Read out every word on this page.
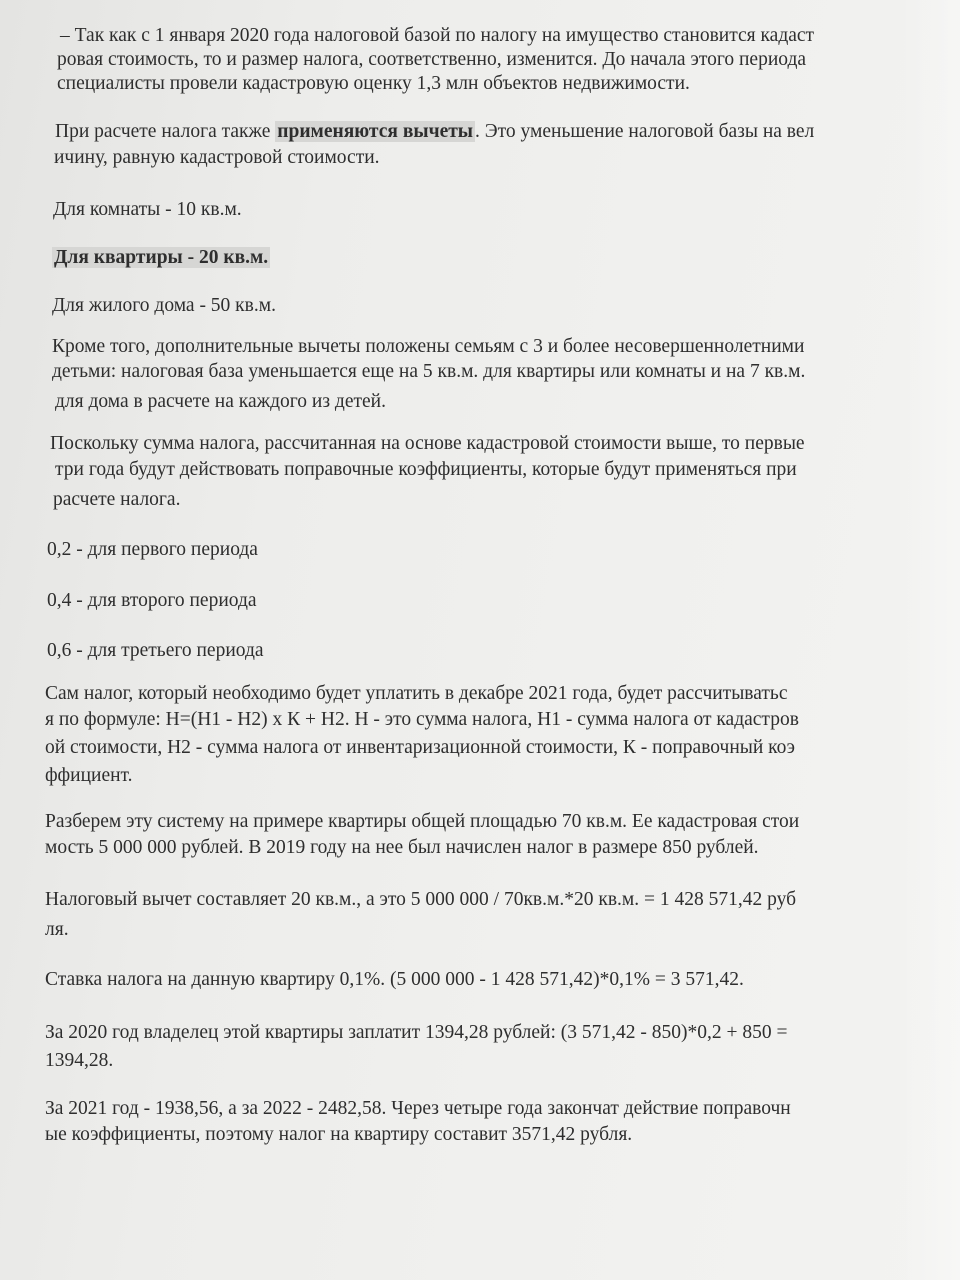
– Так как с 1 января 2020 года налоговой базой по налогу на имущество становится кадаст

ровая стоимость, то и размер налога, соответственно, изменится. До начала этого периода

специалисты провели кадастровую оценку 1,3 млн объектов недвижимости.

При расчете налога также применяются вычеты . Это уменьшение налоговой базы на вел

ичину, равную кадастровой стоимости.

Для комнаты - 10 кв.м.

Для квартиры - 20 кв.м.

Для жилого дома - 50 кв.м.

Кроме того, дополнительные вычеты положены семьям с 3 и более несовершеннолетними

детьми: налоговая база уменьшается еще на 5 кв.м. для квартиры или комнаты и на 7 кв.м.

для дома в расчете на каждого из детей.

Поскольку сумма налога, рассчитанная на основе кадастровой стоимости выше, то первые

три года будут действовать поправочные коэффициенты, которые будут применяться при

расчете налога.

0,2 - для первого периода

0,4 - для второго периода

0,6 - для третьего периода

Сам налог, который необходимо будет уплатить в декабре 2021 года, будет рассчитыватьс

я по формуле: Н=(Н1 - Н2) х К + Н2. Н - это сумма налога, Н1 - сумма налога от кадастров

ой стоимости, Н2 - сумма налога от инвентаризационной стоимости, К - поправочный коэ

ффициент.

Разберем эту систему на примере квартиры общей площадью 70 кв.м. Ее кадастровая стои

мость 5 000 000 рублей. В 2019 году на нее был начислен налог в размере 850 рублей.

Налоговый вычет составляет 20 кв.м., а это 5 000 000 / 70кв.м.*20 кв.м. = 1 428 571,42 руб

ля.

Ставка налога на данную квартиру 0,1%. (5 000 000 - 1 428 571,42)*0,1% = 3 571,42.

За 2020 год владелец этой квартиры заплатит 1394,28 рублей: (3 571,42 - 850)*0,2 + 850 =

1394,28.

За 2021 год - 1938,56, а за 2022 - 2482,58. Через четыре года закончат действие поправочн

ые коэффициенты, поэтому налог на квартиру составит 3571,42 рубля.
